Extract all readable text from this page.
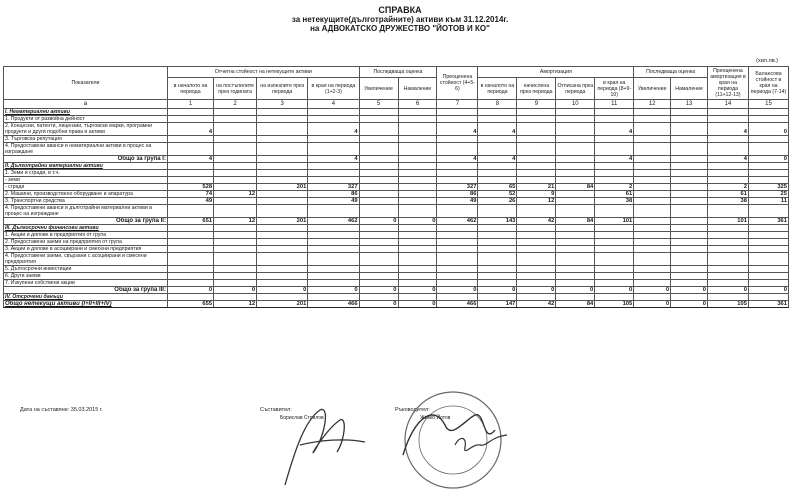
СПРАВКА
за нетекущите(дълготрайните) активи към 31.12.2014г.
на АДВОКАТСКО ДРУЖЕСТВО "ЙОТОВ И КО"
(хил.лв.)
Показатели	Отчетна стойност на нетекущите активи				Последваща оценка		Преоценена стойност (4+5-6)	Амортизация				Последваща оценка		Преоценена амортизация в края на периода (11+12-13)	Балансова стойност в края на периода (7-14)
	в началото на периода	на постъпилите през годината	на излезлите през периода	в края на периода (1+2-3)	Увеличение	Намаление		в началото на периода	начислена през периода	Отписана през периода	в края на периода (8+9-10)	Увеличение	Намаление		
а	1	2	3	4	5	6	7	8	9	10	11	12	13	14	15
I. Нематериални активи															
1. Продукти от развойна дейност															
2. Концесии, патенти, лицензии, търговски марки, програмни продукти и други подобни права и активи	4			4			4	4			4			4	0
3. Търговска репутация															
4. Предоставени аванси и нематериални активи в процес на изграждане															
Общо за група I:	4			4			4	4			4			4	0
II. Дълготрайни материални активи															
1. Земи и сгради, в т.ч.															
- земи															
- сгради	528		201	327			327	65	21	84	2			2	325
2. Машини, производствено оборудване и апаратура	74	12		86			86	52	9		61			61	25
3. Транспортни средства	49			49			49	26	12		38			38	11
4. Предоставени аванси и дълготрайни материални активи в процес на изграждане															
Общо за група II:	651	12	201	462	0	0	462	143	42	84	101			101	361
III. Дългосрочни финансови активи															
1. Акции и дялове в предприятия от група															
2. Предоставени заеми на предприятия от група															
3. Акции и дялове в асоциирани и смесени предприятия															
4. Предоставени заеми, свързани с асоциирани и смесени предприятия															
5. Дългосрочни инвестиции															
6. Други заеми															
7. Изкупени собствени акции															
Общо за група III:	0	0	0	0	0	0	0	0	0	0	0	0	0	0	0
IV. Отсрочени данъци															
Общо нетекущи активи (I+II+III+IV)	655	12	201	466	0	0	466	147	42	84	105	0	0	105	361
Дата на съставяне: 35.03.2015 г.	Съставител:	Ръководител:
Борислав Стоилов	Живко Йотов
